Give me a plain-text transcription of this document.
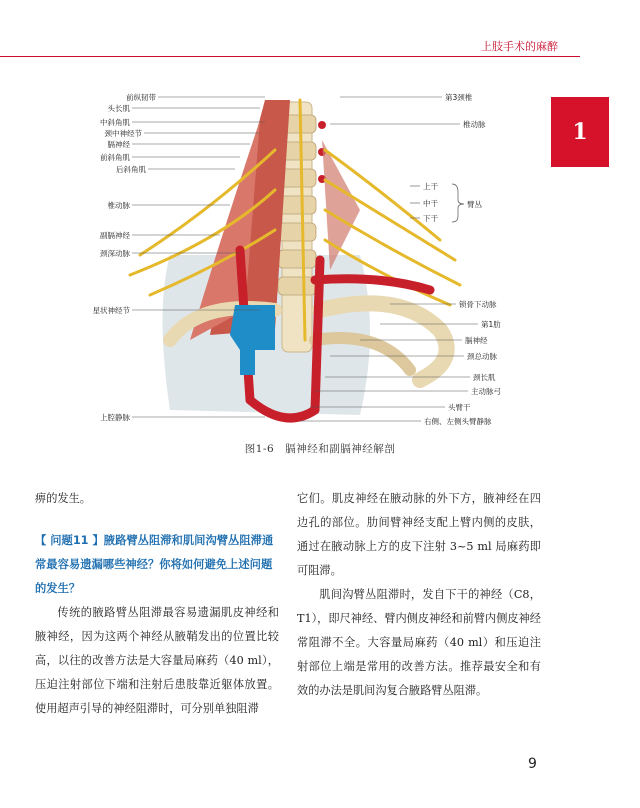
上肢手术的麻醉
1
前纵韧带
头长肌
中斜角肌
颈中神经节
膈神经
前斜角肌
后斜角肌
椎动脉
副膈神经
颈深动脉
星状神经节
上腔静脉
第3颈椎
椎动脉
上干
中干
下干
臂丛
锁骨下动脉
第1肋
膈神经
颈总动脉
颈长肌
主动脉弓
头臂干
右侧、左侧头臂静脉
图1-6　膈神经和副膈神经解剖

痹的发生。

【 问题11 】腋路臂丛阻滞和肌间沟臂丛阻滞通常最容易遗漏哪些神经？你将如何避免上述问题的发生？

传统的腋路臂丛阻滞最容易遗漏肌皮神经和腋神经，因为这两个神经从腋鞘发出的位置比较高，以往的改善方法是大容量局麻药（40 ml），压迫注射部位下端和注射后患肢靠近躯体放置。使用超声引导的神经阻滞时，可分别单独阻滞

它们。肌皮神经在腋动脉的外下方，腋神经在四边孔的部位。肋间臂神经支配上臂内侧的皮肤，通过在腋动脉上方的皮下注射 3~5 ml 局麻药即可阻滞。

肌间沟臂丛阻滞时，发自下干的神经（C8，T1），即尺神经、臂内侧皮神经和前臂内侧皮神经常阻滞不全。大容量局麻药（40 ml）和压迫注射部位上端是常用的改善方法。推荐最安全和有效的办法是肌间沟复合腋路臂丛阻滞。

9
